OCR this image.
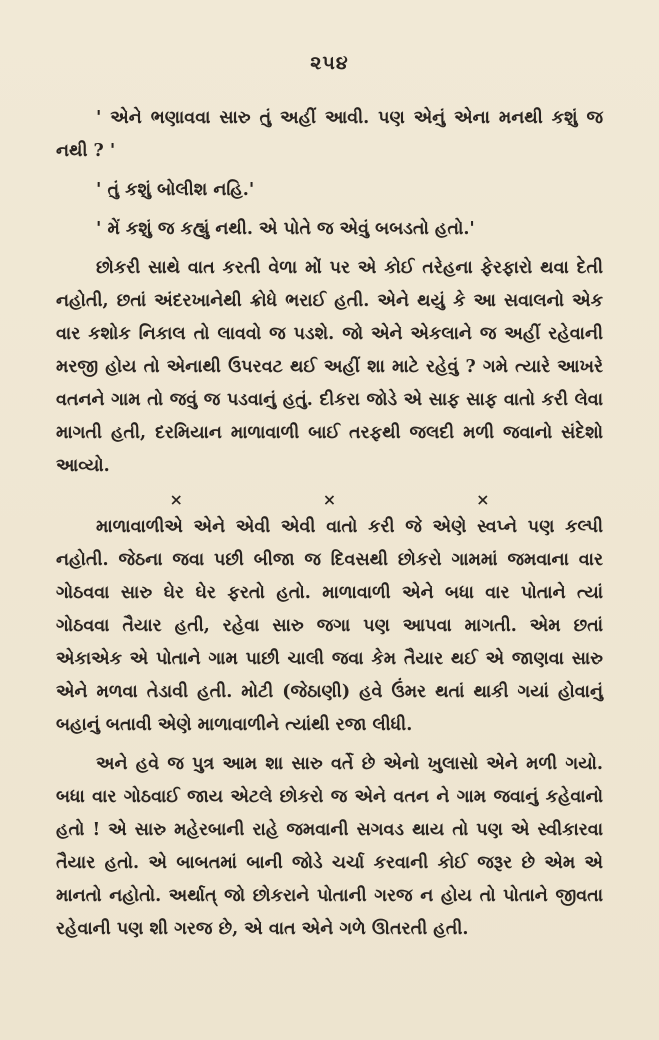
૨૫૪

' એને ભણાવવા સારુ તું અહીં આવી. પણ એનું એના મનથી કશું જ નથી ? '

' તું કશું બોલીશ નહિ.'

' મેં કશું જ કહ્યું નથી. એ પોતે જ એવું બબડતો હતો.'

છોકરી સાથે વાત કરતી વેળા મોં પર એ કોઈ તરેહના ફેરફારો થવા દેતી નહોતી, છતાં અંદરખાનેથી ક્રોધે ભરાઈ હતી. એને થયું કે આ સવાલનો એક વાર કશોક નિકાલ તો લાવવો જ પડશે. જો એને એકલાને જ અહીં રહેવાની મરજી હોય તો એનાથી ઉપરવટ થઈ અહીં શા માટે રહેવું ? ગમે ત્યારે આખરે વતનને ગામ તો જવું જ પડવાનું હતું. દીકરા જોડે એ સાફ સાફ વાતો કરી લેવા માગતી હતી, દરમિયાન માળાવાળી બાઈ તરફથી જલદી મળી જવાનો સંદેશો આવ્યો.

×	×	×

માળાવાળીએ એને એવી એવી વાતો કરી જે એણે સ્વપ્ને પણ કલ્પી નહોતી. જેઠના જવા પછી બીજા જ દિવસથી છોકરો ગામમાં જમવાના વાર ગોઠવવા સારુ ઘેર ઘેર ફરતો હતો. માળાવાળી એને બધા વાર પોતાને ત્યાં ગોઠવવા તૈયાર હતી, રહેવા સારુ જગા પણ આપવા માગતી. એમ છતાં એકાએક એ પોતાને ગામ પાછી ચાલી જવા કેમ તૈયાર થઈ એ જાણવા સારુ એને મળવા તેડાવી હતી. મોટી (જેઠાણી) હવે ઉંમર થતાં થાકી ગયાં હોવાનું બહાનું બતાવી એણે માળાવાળીને ત્યાંથી રજા લીધી.

અને હવે જ પુત્ર આમ શા સારુ વર્તે છે એનો ખુલાસો એને મળી ગયો. બધા વાર ગોઠવાઈ જાય એટલે છોકરો જ એને વતન ને ગામ જવાનું કહેવાનો હતો ! એ સારુ મહેરબાની રાહે જમવાની સગવડ થાય તો પણ એ સ્વીકારવા તૈયાર હતો. એ બાબતમાં બાની જોડે ચર્ચા કરવાની કોઈ જરૂર છે એમ એ માનતો નહોતો. અર્થાત્ જો છોકરાને પોતાની ગરજ ન હોય તો પોતાને જીવતા રહેવાની પણ શી ગરજ છે, એ વાત એને ગળે ઊતરતી હતી.
